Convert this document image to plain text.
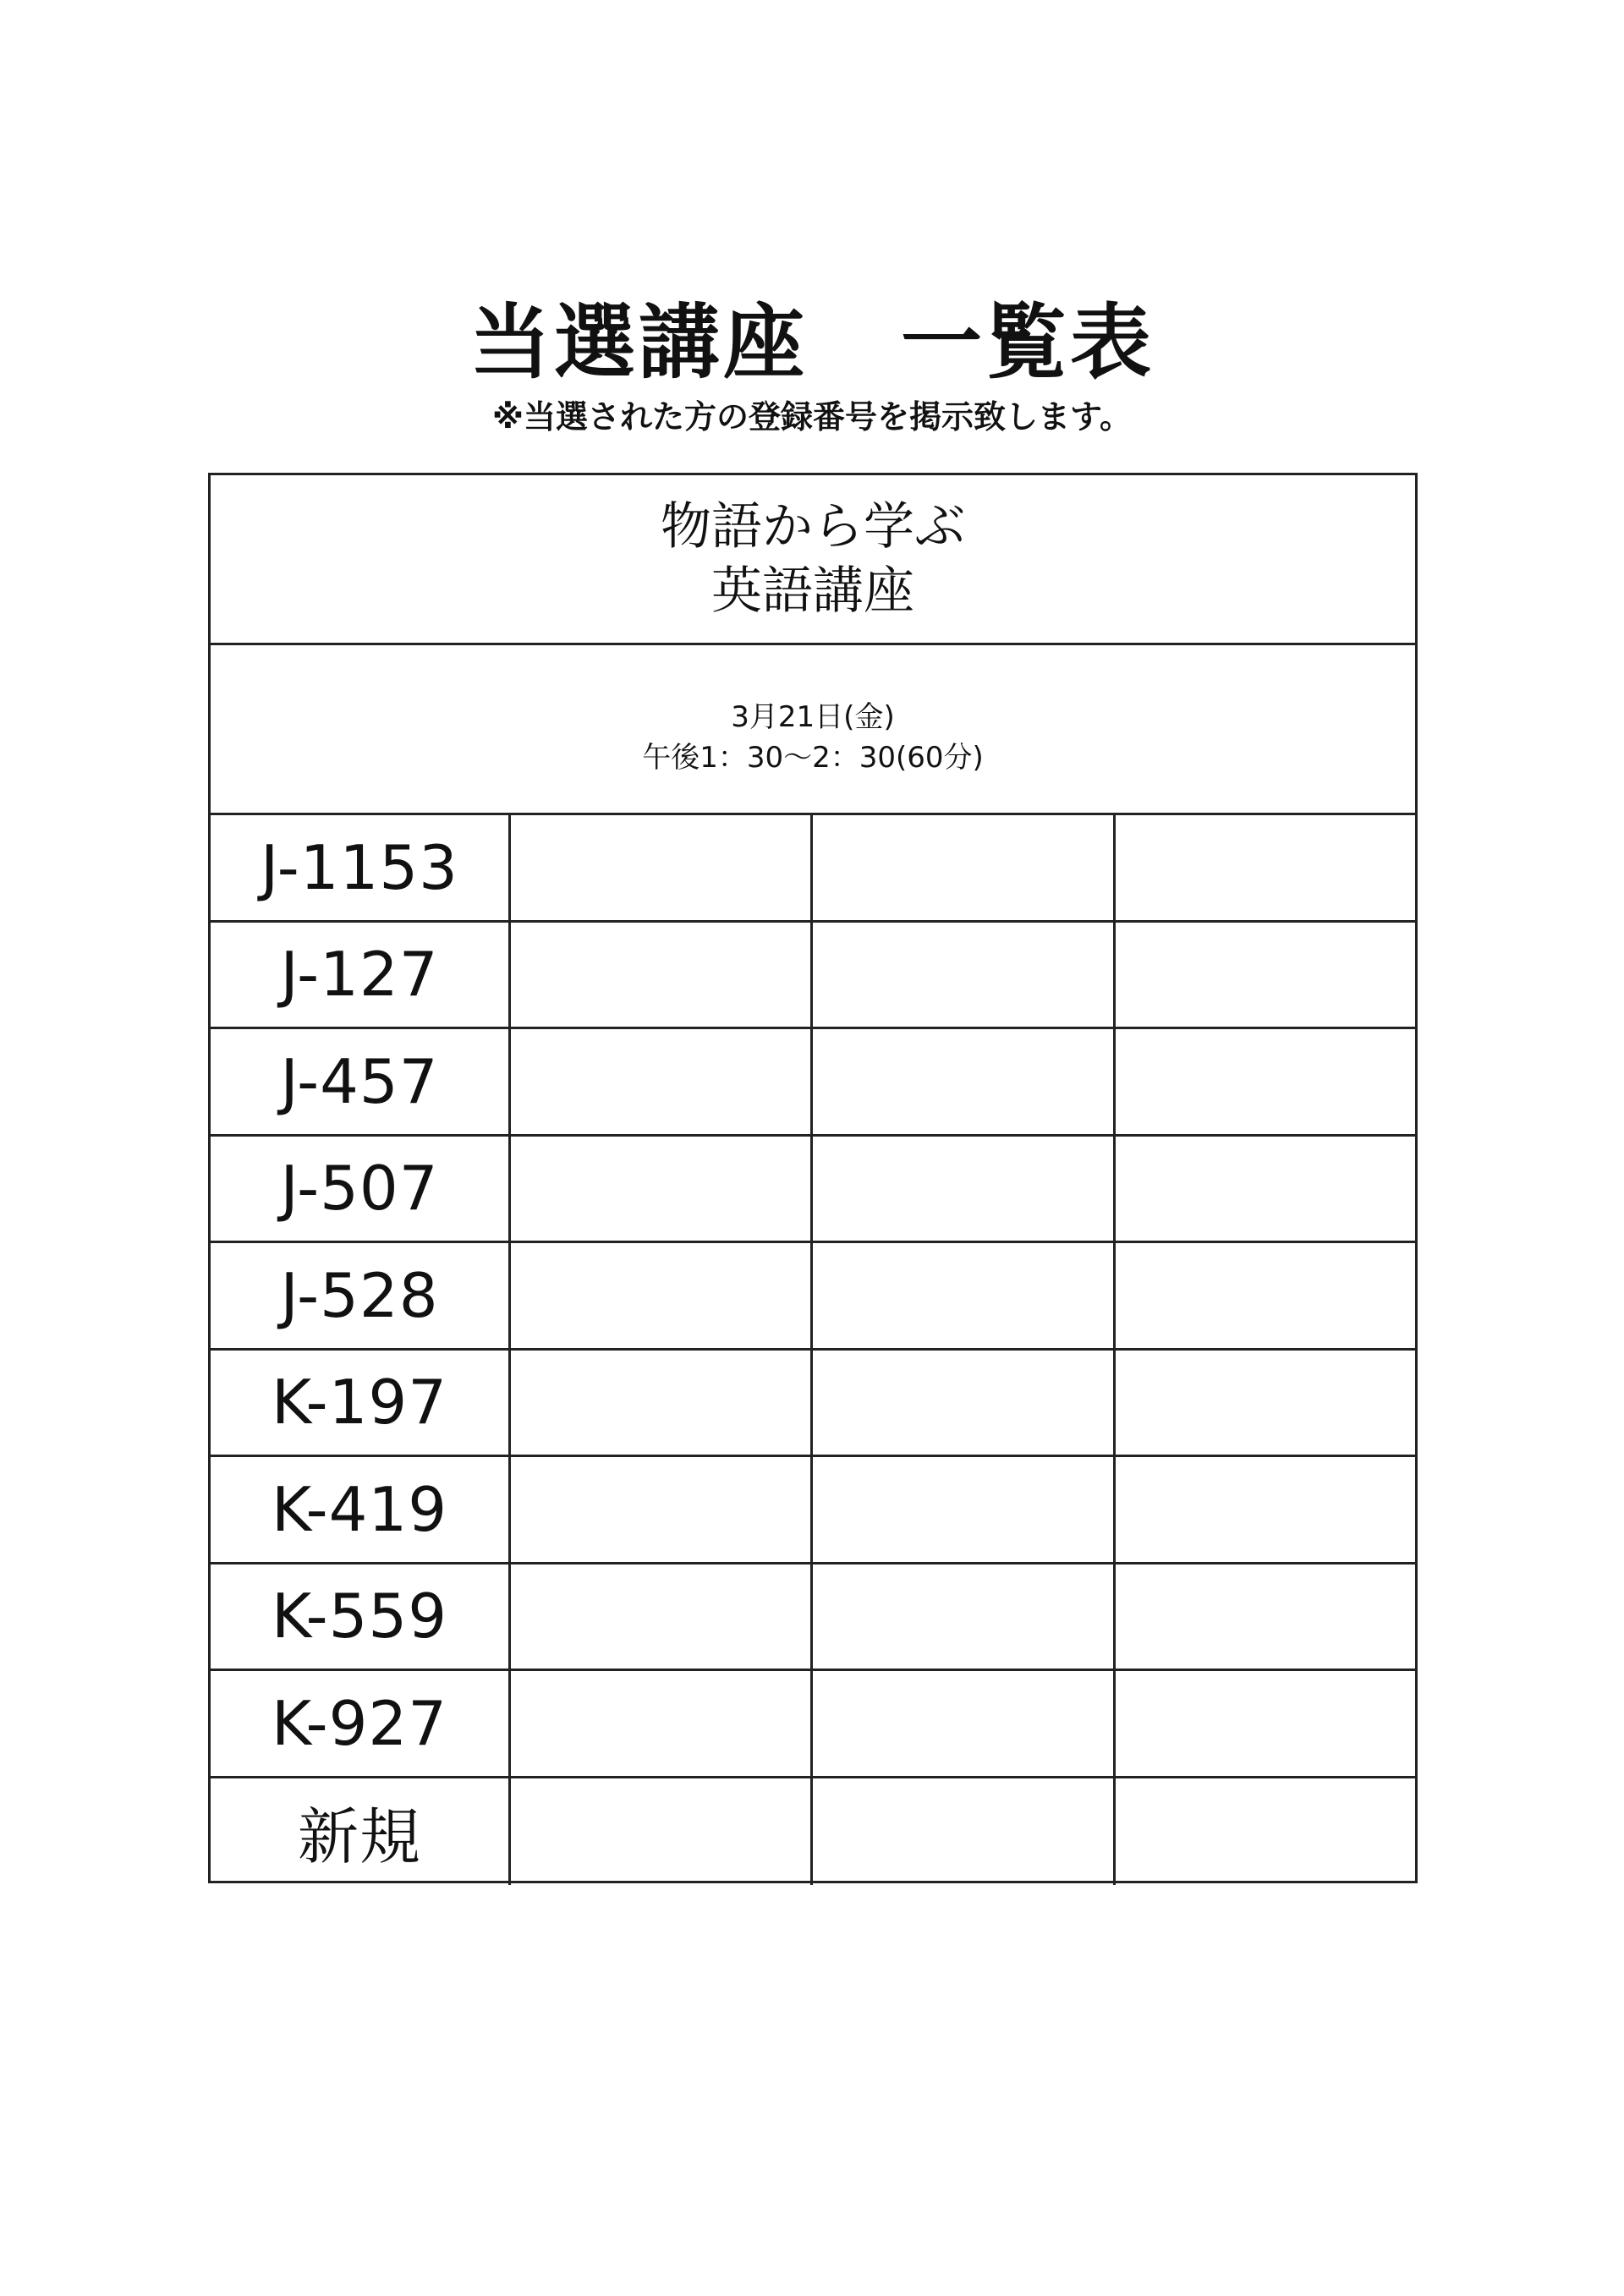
当選講座 一覧表
※当選された方の登録番号を掲示致します。
物語から学ぶ
英語講座
3月21日(金)
午後1：30〜2：30(60分)
J-1153
J-127
J-457
J-507
J-528
K-197
K-419
K-559
K-927
新規
